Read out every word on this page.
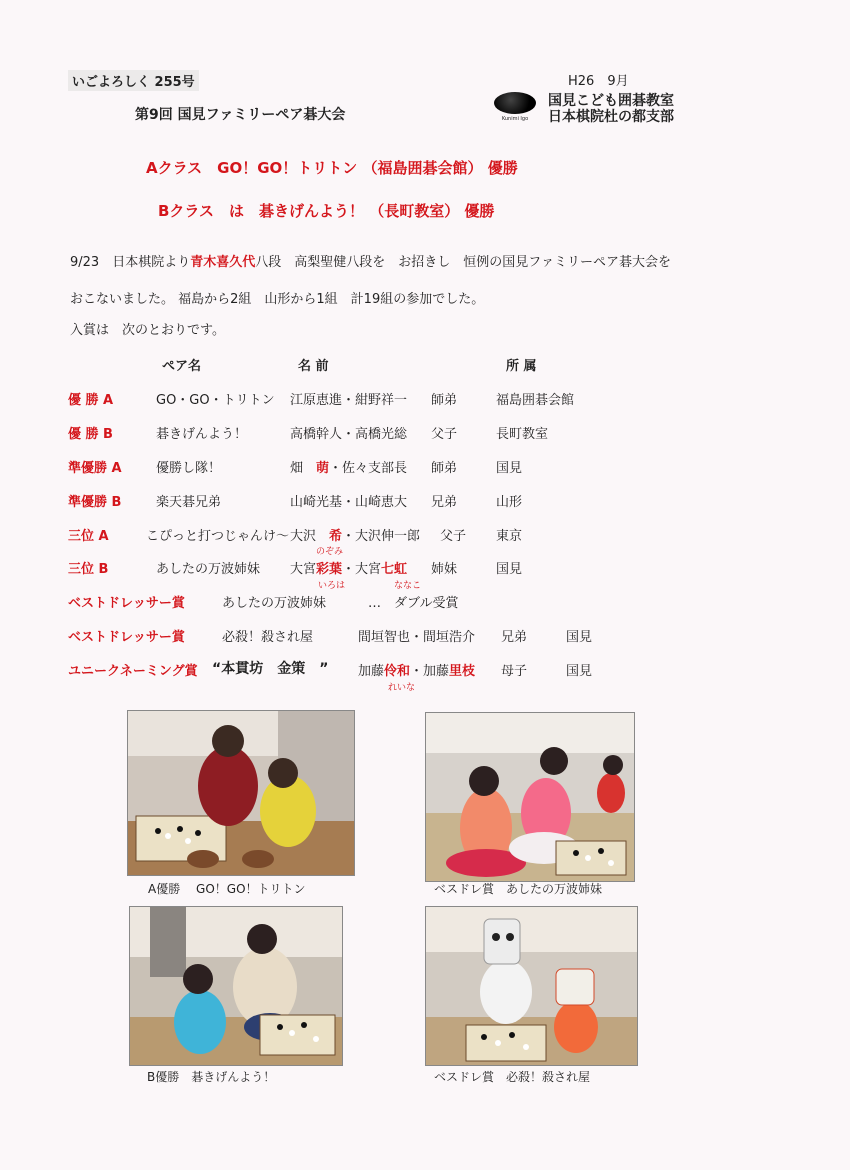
いごよろしく 255号
第9回 国見ファミリーペア碁大会
H26　9月
Kunimi Igo
国見こども囲碁教室
日本棋院杜の都支部
Aクラス　GO！GO！トリトン （福島囲碁会館） 優勝
Bクラス　は　碁きげんよう！ （長町教室） 優勝
9/23　日本棋院より青木喜久代八段　高梨聖健八段を　お招きし　恒例の国見ファミリーペア碁大会を
おこないました。 福島から2組　山形から1組　計19組の参加でした。
入賞は　次のとおりです。
ペア名	名 前	所 属
優 勝 A	GO・GO・トリトン 江原恵進・紺野祥一 師弟	福島囲碁会館
優 勝 B	碁きげんよう！	高橋幹人・高橋光総 父子	長町教室
準優勝 A	優勝し隊！	畑　萌・佐々支部長 師弟	国見
準優勝 B	楽天碁兄弟	山崎光基・山崎恵大 兄弟	山形
三位 A	こぴっと打つじゃんけ～ 大沢　希・大沢伸一郎 父子 東京
のぞみ
三位 B	あしたの万波姉妹 大宮彩葉・大宮七虹 姉妹	国見
いろは	ななこ
ベストドレッサー賞	あしたの万波姉妹	…　ダブル受賞
ベストドレッサー賞	必殺！殺され屋	間垣智也・間垣浩介 兄弟	国見
ユニークネーミング賞 “本貫坊　金策　” 加藤伶和・加藤里枝 母子	国見
れいな
A優勝　 GO！GO！トリトン	ベスドレ賞　あしたの万波姉妹
B優勝　碁きげんよう！	ベスドレ賞　必殺！殺され屋
